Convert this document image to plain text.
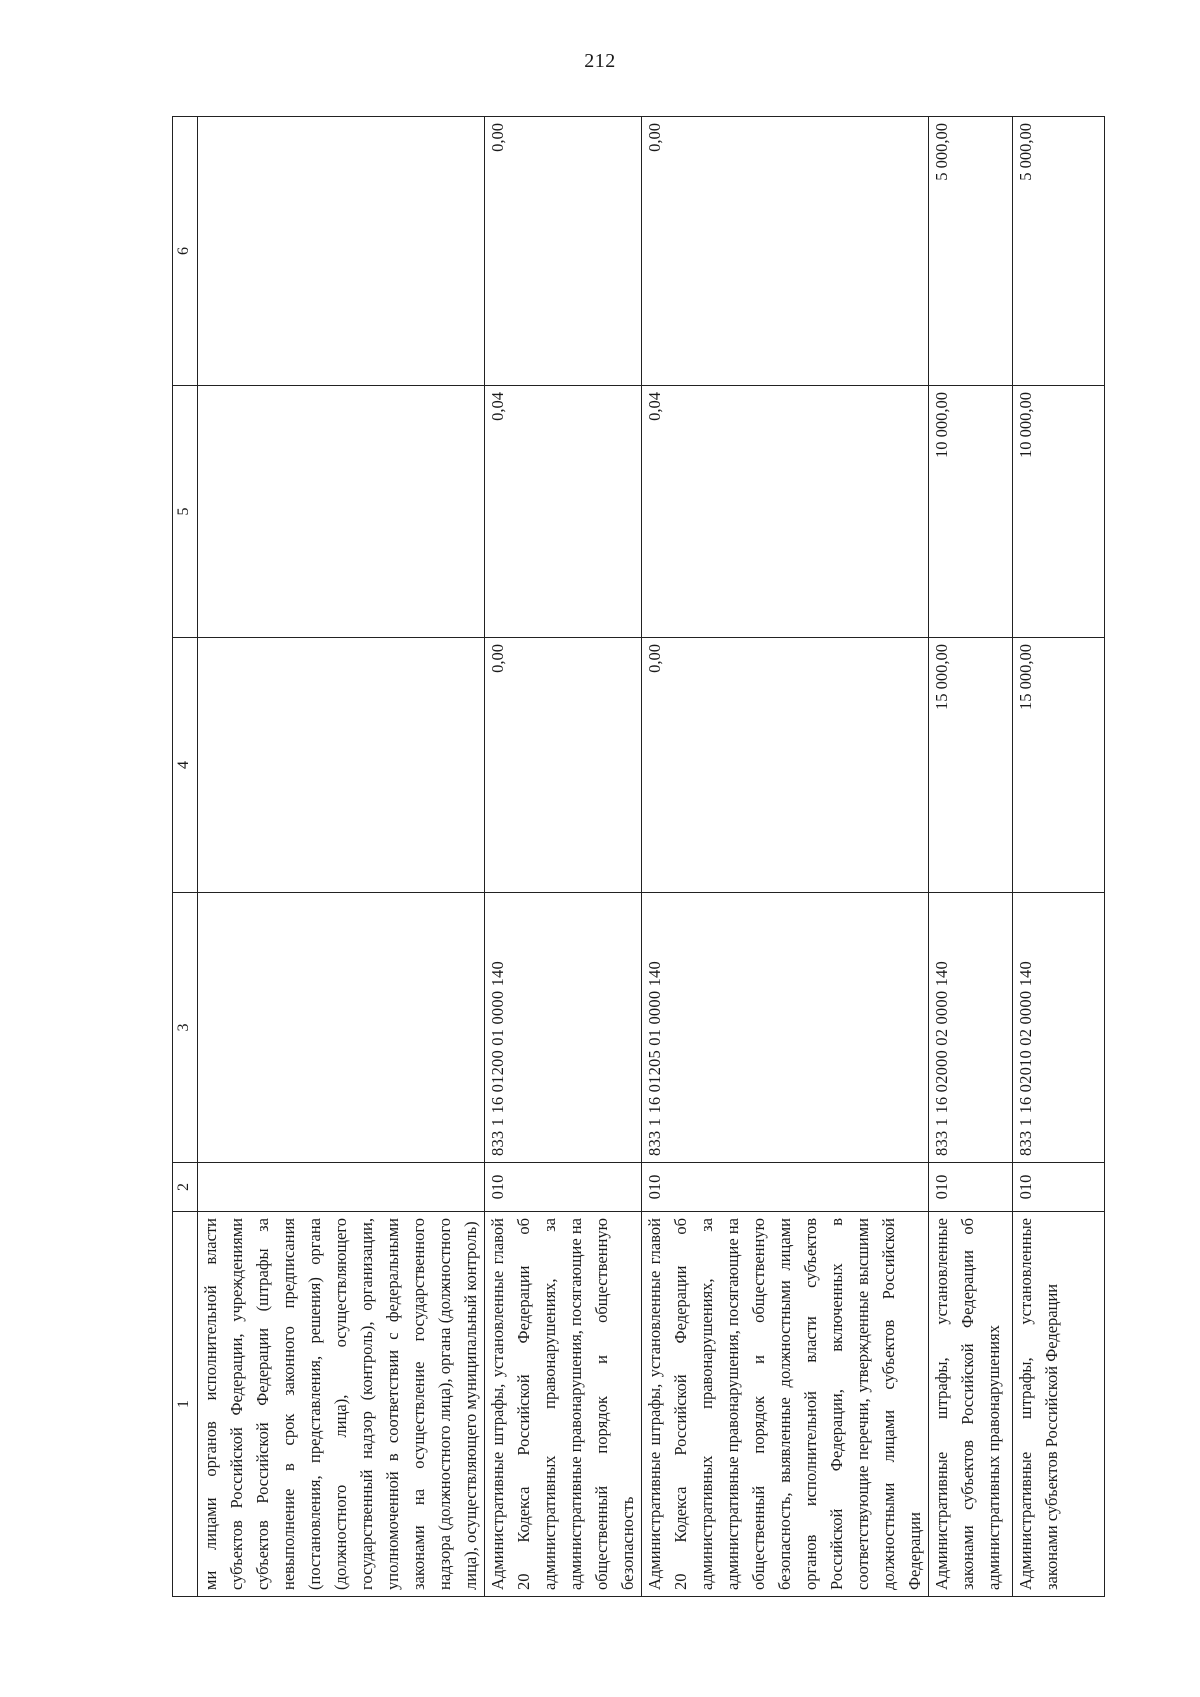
212
1	2	3	4	5	6
ми лицами органов исполнительной власти субъектов Российской Федерации, учреждениями субъектов Российской Федерации (штрафы за невыполнение в срок законного предписания (постановления, представления, решения) органа (должностного лица), осуществляющего государственный надзор (контроль), организации, уполномоченной в соответствии с федеральными законами на осуществление государственного надзора (должностного лица), органа (должностного лица), осуществляющего муниципальный контроль)					
Административные штрафы, установленные главой 20 Кодекса Российской Федерации об административных правонарушениях, за административные правонарушения, посягающие на общественный порядок и общественную безопасность	010	833 1 16 01200 01 0000 140	0,00	0,04	0,00
Административные штрафы, установленные главой 20 Кодекса Российской Федерации об административных правонарушениях, за административные правонарушения, посягающие на общественный порядок и общественную безопасность, выявленные должностными лицами органов исполнительной власти субъектов Российской Федерации, включенных в соответствующие перечни, утвержденные высшими должностными лицами субъектов Российской Федерации	010	833 1 16 01205 01 0000 140	0,00	0,04	0,00
Административные штрафы, установленные законами субъектов Российской Федерации об административных правонарушениях	010	833 1 16 02000 02 0000 140	15 000,00	10 000,00	5 000,00
Административные штрафы, установленные законами субъектов Российской Федерации	010	833 1 16 02010 02 0000 140	15 000,00	10 000,00	5 000,00
